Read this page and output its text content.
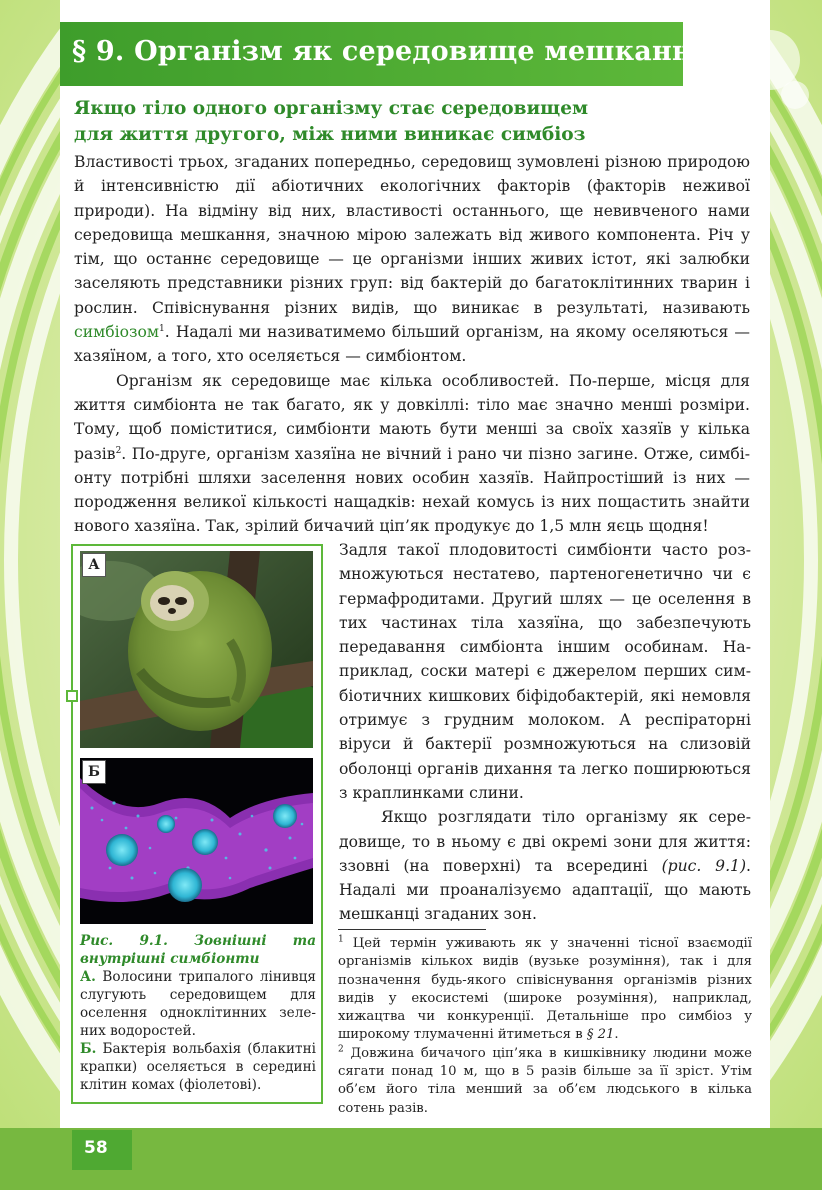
§ 9. Організм як середовище мешкання
Якщо тіло одного організму стає середовищем
для життя другого, між ними виникає симбіоз

Властивості трьох, згаданих попередньо, середовищ зумовлені різною природою й інтенсивністю дії абіотичних екологічних факторів (факторів неживої природи). На відміну від них, властивості останнього, ще невивченого нами середовища мешкання, значною мірою залежать від живого компонента. Річ у тім, що останнє середовище — це організми інших живих істот, які залюбки заселяють представники різних груп: від бактерій до багатоклітинних тварин і рослин. Співіснування різних видів, що виникає в результаті, називають симбіозом$^1$. Надалі ми називатимемо більший організм, на якому оселяються — хазяїном, а того, хто оселяється — симбіонтом.

Організм як середовище має кілька особливостей. По-перше, місця для життя симбіонта не так багато, як у довкіллі: тіло має значно менші розміри. Тому, щоб поміститися, симбіонти мають бути менші за своїх хазяїв у кілька разів$^2$. По-друге, організм хазяїна не вічний і рано чи пізно загине. Отже, симбіонту потрібні шляхи заселення нових особин хазяїв. Найпростіший із них — породження великої кількості нащадків: нехай комусь із них пощастить знайти нового хазяїна. Так, зрілий бичачий ціп’як продукує до 1,5 млн яєць щодня!

Задля такої плодовитості симбіонти часто розмножуються нестатево, партеногенетично чи є гермафродитами. Другий шлях — це оселення в тих частинах тіла хазяїна, що забезпечують передавання симбіонта іншим особинам. Наприклад, соски матері є джерелом перших симбіотичних кишкових біфідобактерій, які немовля отримує з грудним молоком. А респіраторні віруси й бактерії розмножуються на слизовій оболонці органів дихання та легко поширюються з краплинками слини.

Якщо розглядати тіло організму як середовище, то в ньому є дві окремі зони для життя: ззовні (на поверхні) та всередині (рис. 9.1). Надалі ми проаналізуємо адаптації, що мають мешканці згаданих зон.

А
Б

Рис. 9.1. Зовнішні та внутрішні симбіонти

А. Волосини трипалого лінивця слугують середовищем для оселення одноклітинних зелених водоростей.

Б. Бактерія вольбахія (блакитні крапки) оселяється в середині клітин комах (фіолетові).

$^1$ Цей термін уживають як у значенні тісної взаємодії організмів кількох видів (вузьке розуміння), так і для позначення будь-якого співіснування організмів різних видів у екосистемі (широке розуміння), наприклад, хижацтва чи конкуренції. Детальніше про симбіоз у широкому тлумаченні йтиметься в § 21.

$^2$ Довжина бичачого ціп’яка в кишківнику людини може сягати понад 10 м, що в 5 разів більше за її зріст. Утім об’єм його тіла менший за об’єм людського в кілька сотень разів.

58
